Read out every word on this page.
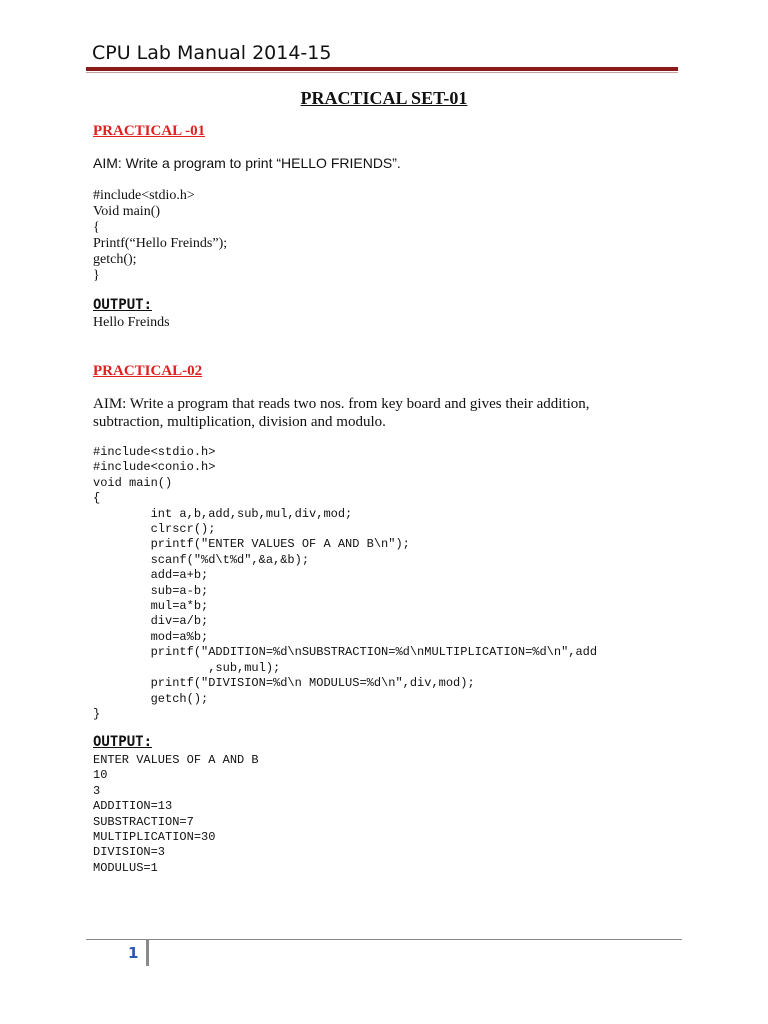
CPU Lab Manual 2014-15
PRACTICAL SET-01
PRACTICAL -01
AIM: Write a program to print “HELLO FRIENDS”.
#include<stdio.h>
Void main()
{
Printf(“Hello Freinds”);
getch();
}
OUTPUT:
Hello Freinds
PRACTICAL-02
AIM: Write a program that reads two nos. from key board and gives their addition, subtraction, multiplication, division and modulo.
#include<stdio.h>
#include<conio.h>
void main()
{
int a,b,add,sub,mul,div,mod;
clrscr();
printf("ENTER VALUES OF A AND B\n");
scanf("%d\t%d",&a,&b);
add=a+b;
sub=a-b;
mul=a*b;
div=a/b;
mod=a%b;
printf("ADDITION=%d\nSUBSTRACTION=%d\nMULTIPLICATION=%d\n",add
,sub,mul);
printf("DIVISION=%d\n MODULUS=%d\n",div,mod);
getch();
}
OUTPUT:
ENTER VALUES OF A AND B
10
3
ADDITION=13
SUBSTRACTION=7
MULTIPLICATION=30
DIVISION=3
MODULUS=1
1
